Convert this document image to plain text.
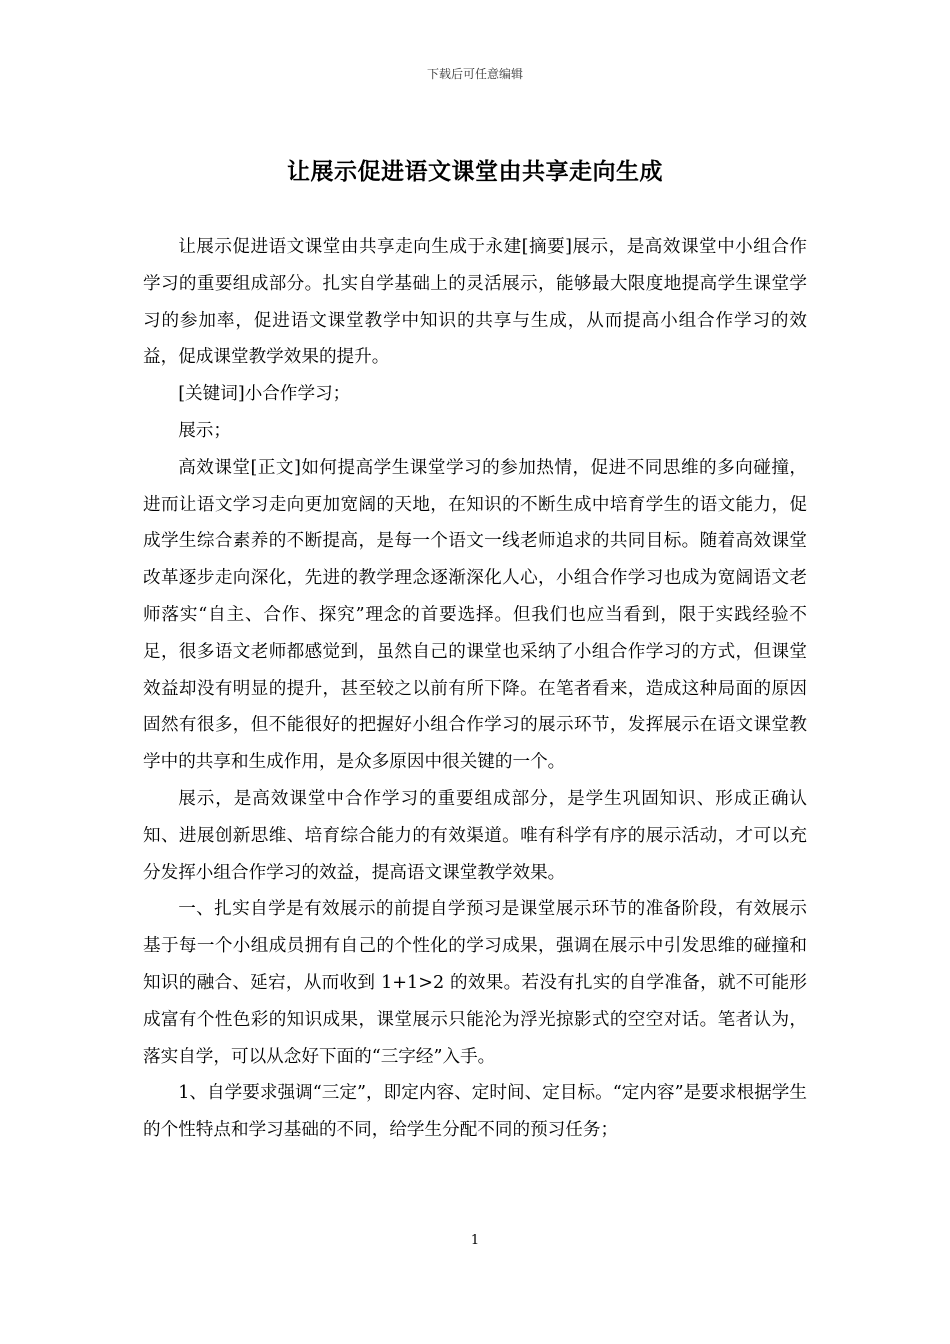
下载后可任意编辑
让展示促进语文课堂由共享走向生成

让展示促进语文课堂由共享走向生成于永建[摘要]展示，是高效课堂中小组合作学习的重要组成部分。扎实自学基础上的灵活展示，能够最大限度地提高学生课堂学习的参加率，促进语文课堂教学中知识的共享与生成，从而提高小组合作学习的效益，促成课堂教学效果的提升。

[关键词]小合作学习；

展示；

高效课堂[正文]如何提高学生课堂学习的参加热情，促进不同思维的多向碰撞，进而让语文学习走向更加宽阔的天地，在知识的不断生成中培育学生的语文能力，促成学生综合素养的不断提高，是每一个语文一线老师追求的共同目标。随着高效课堂改革逐步走向深化，先进的教学理念逐渐深化人心，小组合作学习也成为宽阔语文老师落实“自主、合作、探究”理念的首要选择。但我们也应当看到，限于实践经验不足，很多语文老师都感觉到，虽然自己的课堂也采纳了小组合作学习的方式，但课堂效益却没有明显的提升，甚至较之以前有所下降。在笔者看来，造成这种局面的原因固然有很多，但不能很好的把握好小组合作学习的展示环节，发挥展示在语文课堂教学中的共享和生成作用，是众多原因中很关键的一个。

展示，是高效课堂中合作学习的重要组成部分，是学生巩固知识、形成正确认知、进展创新思维、培育综合能力的有效渠道。唯有科学有序的展示活动，才可以充分发挥小组合作学习的效益，提高语文课堂教学效果。

一、扎实自学是有效展示的前提自学预习是课堂展示环节的准备阶段，有效展示基于每一个小组成员拥有自己的个性化的学习成果，强调在展示中引发思维的碰撞和知识的融合、延宕，从而收到 1+1>2 的效果。若没有扎实的自学准备，就不可能形成富有个性色彩的知识成果，课堂展示只能沦为浮光掠影式的空空对话。笔者认为，落实自学，可以从念好下面的“三字经”入手。

1、自学要求强调“三定”，即定内容、定时间、定目标。“定内容”是要求根据学生的个性特点和学习基础的不同，给学生分配不同的预习任务；

1
